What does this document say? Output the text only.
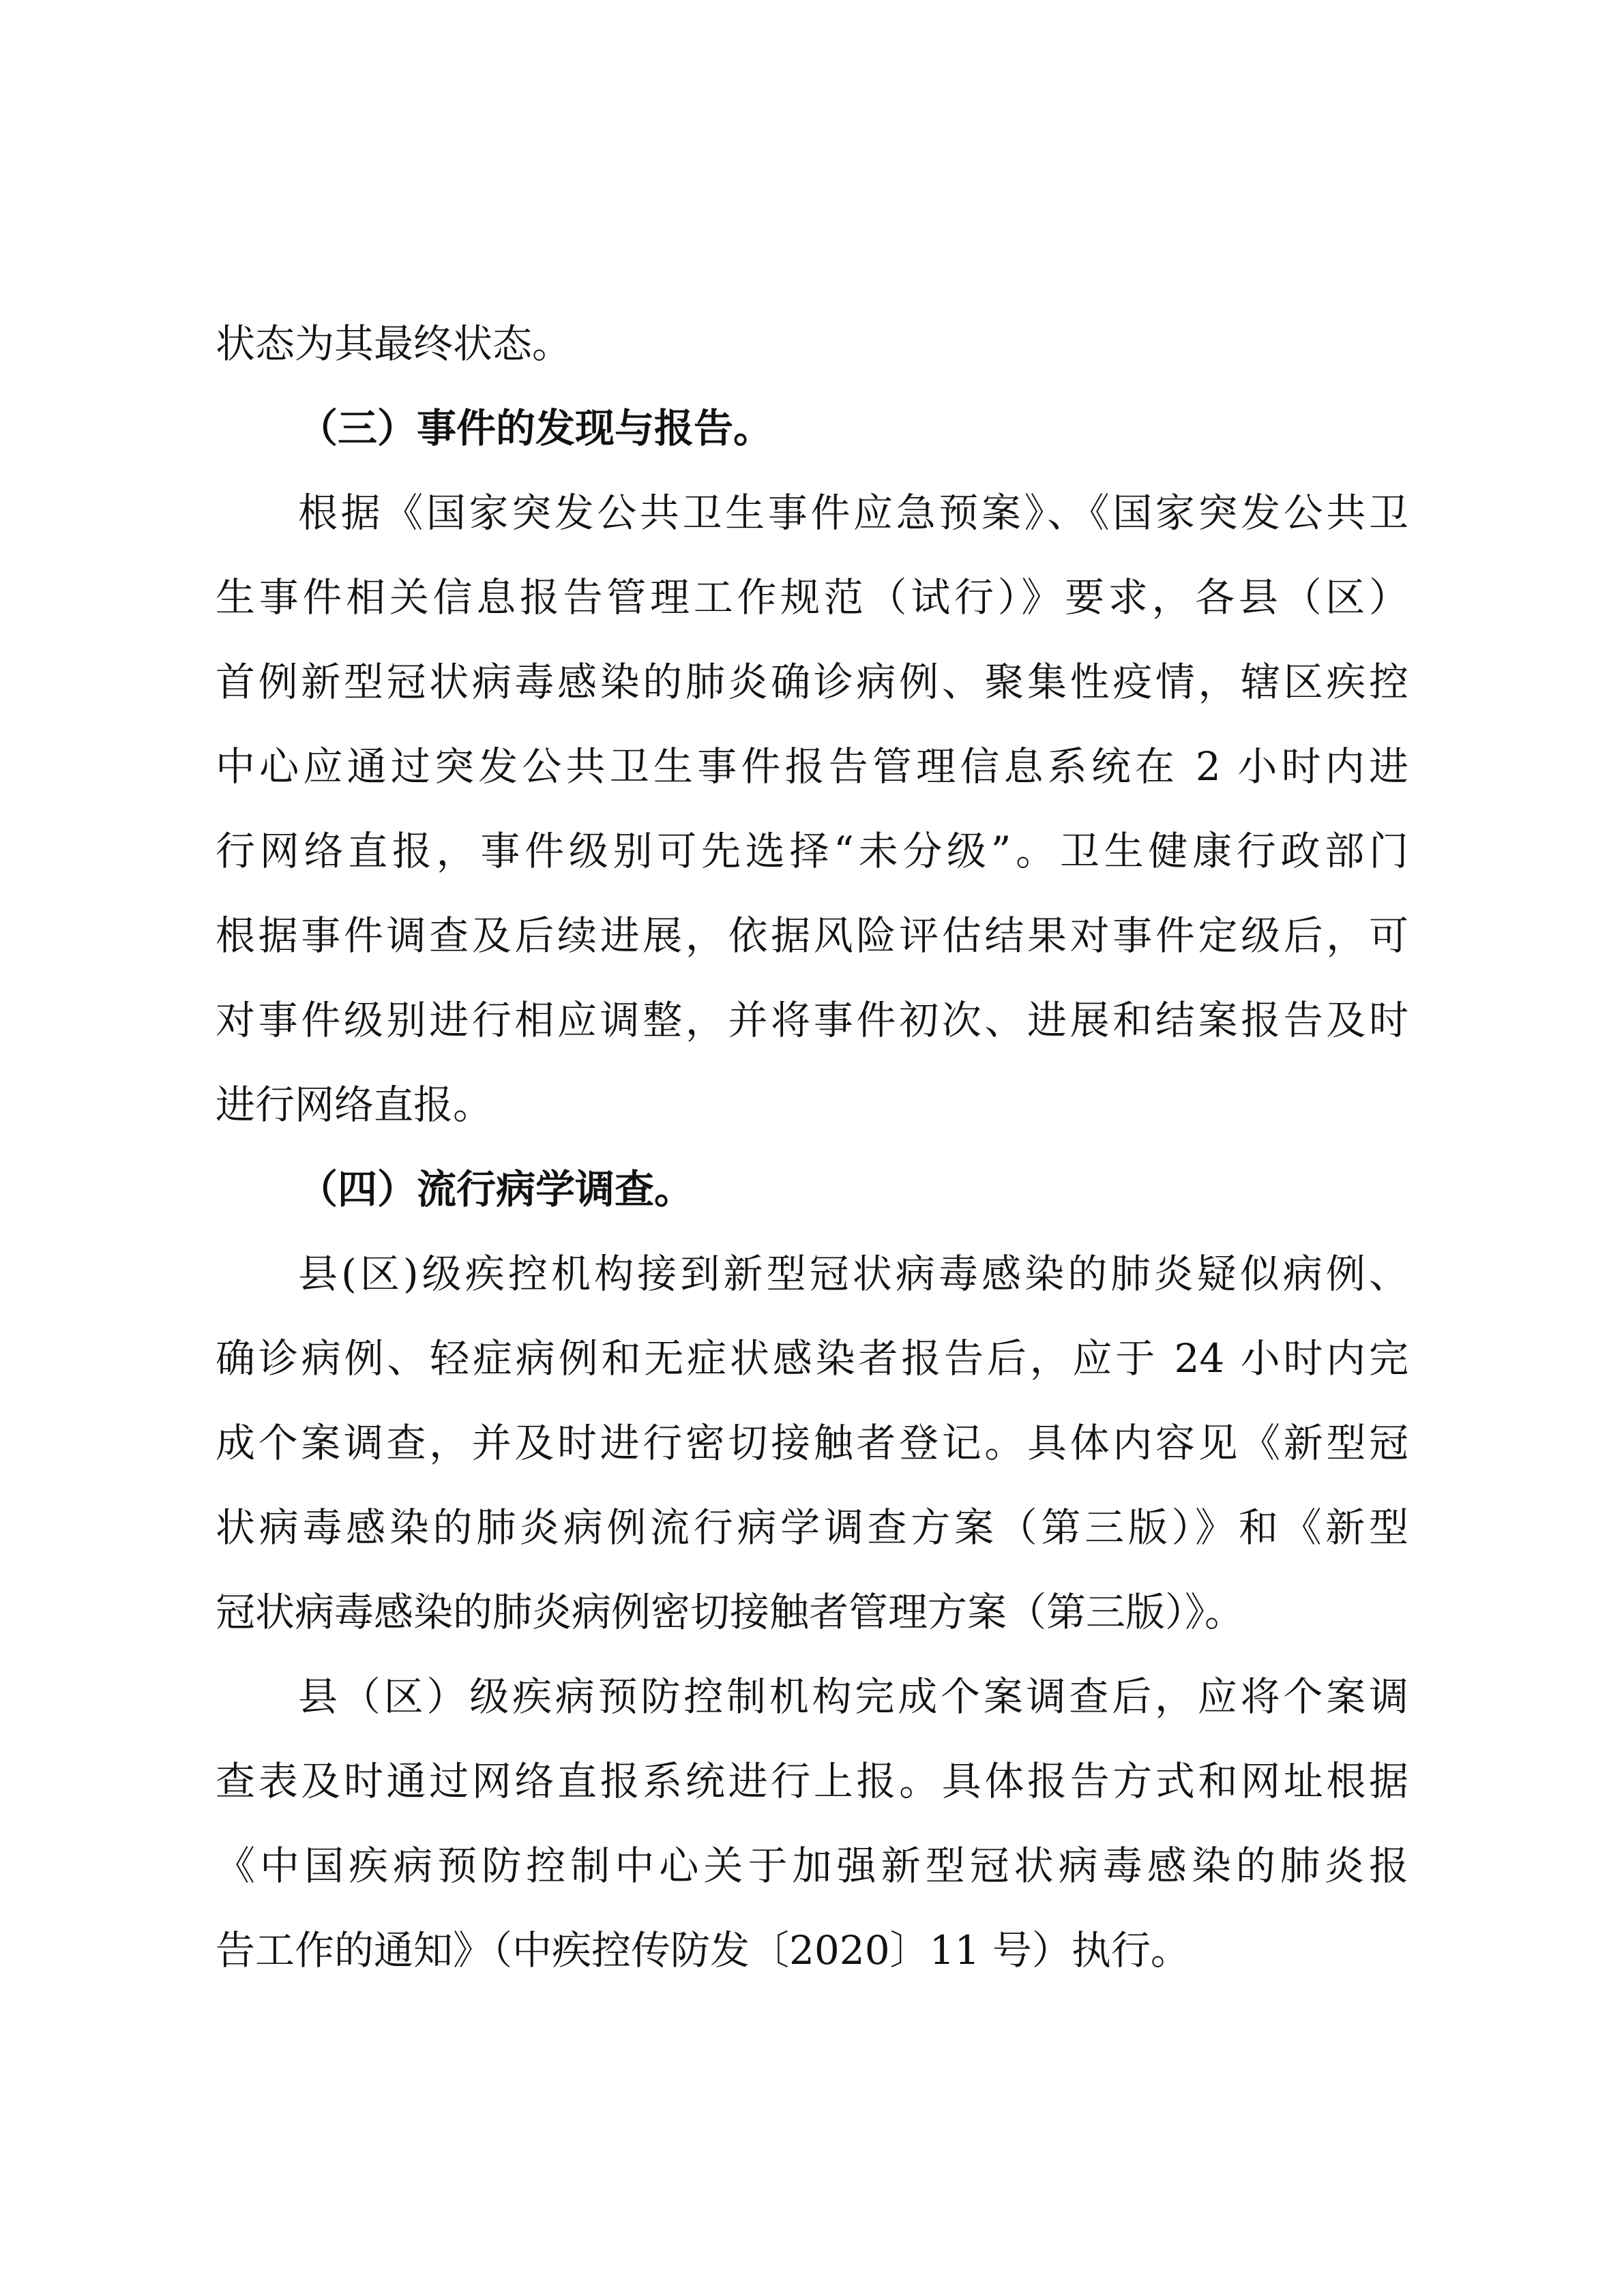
状态为其最终状态。

（三）事件的发现与报告。

根据《国家突发公共卫生事件应急预案》、《国家突发公共卫

生事件相关信息报告管理工作规范（试行）》要求，各县（区）

首例新型冠状病毒感染的肺炎确诊病例、聚集性疫情，辖区疾控

中心应通过突发公共卫生事件报告管理信息系统在 2 小时内进

行网络直报，事件级别可先选择“未分级”。卫生健康行政部门

根据事件调查及后续进展，依据风险评估结果对事件定级后，可

对事件级别进行相应调整，并将事件初次、进展和结案报告及时

进行网络直报。

（四）流行病学调查。

县(区)级疾控机构接到新型冠状病毒感染的肺炎疑似病例、

确诊病例、轻症病例和无症状感染者报告后，应于 24 小时内完

成个案调查，并及时进行密切接触者登记。具体内容见《新型冠

状病毒感染的肺炎病例流行病学调查方案（第三版）》和《新型

冠状病毒感染的肺炎病例密切接触者管理方案（第三版）》。

县（区）级疾病预防控制机构完成个案调查后，应将个案调

查表及时通过网络直报系统进行上报。具体报告方式和网址根据

《中国疾病预防控制中心关于加强新型冠状病毒感染的肺炎报

告工作的通知》（中疾控传防发〔2020〕11 号）执行。
